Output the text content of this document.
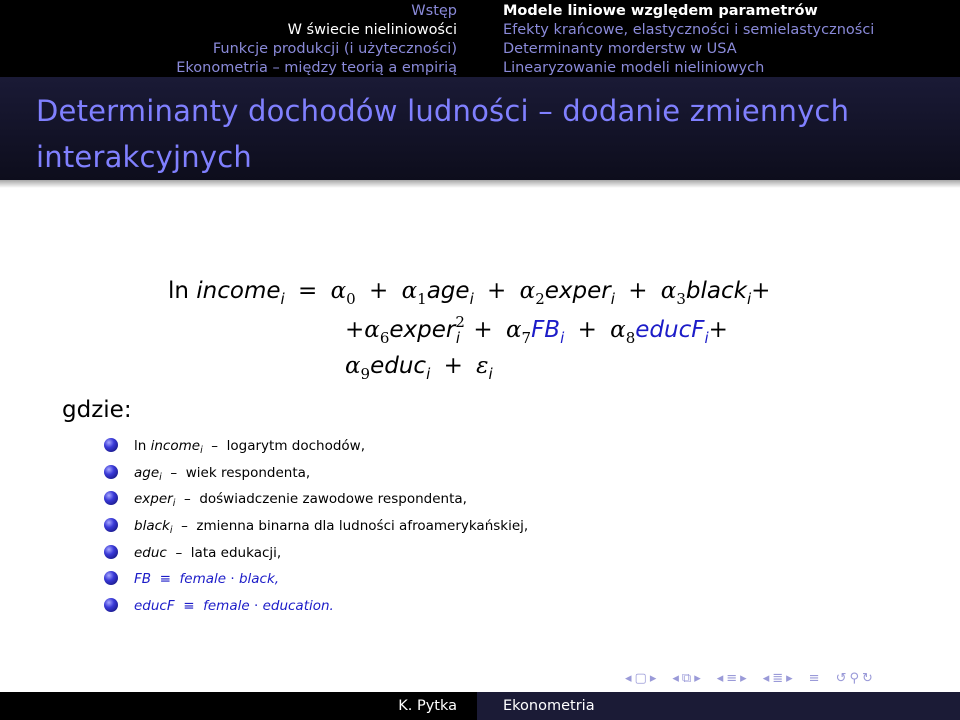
Wstęp
W świecie nieliniowości
Funkcje produkcji (i użyteczności)
Ekonometria – między teorią a empirią
Modele liniowe względem parametrów
Efekty krańcowe, elastyczności i semielastyczności
Determinanty morderstw w USA
Linearyzowanie modeli nieliniowych
Determinanty dochodów ludności – dodanie zmiennych
interakcyjnych
ln income$_i$ = $\alpha_0 + \alpha_1age_i$ + $\alpha_2exper_i$ + $\alpha_3black_i+$
$+\alpha_6exper^2_i + \alpha_7FB_i$ + $\alpha_8educF_i+$
$\alpha_9educ_i + \varepsilon_i$
gdzie:
ln income$_i$ – logarytm dochodów,
age$_i$ – wiek respondenta,
exper$_i$ – doświadczenie zawodowe respondenta,
black$_i$ – zmienna binarna dla ludności afroamerykańskiej,
educ – lata edukacji,
FB ≡ female · black,
educF ≡ female · education.
◂ ▢ ▸ ◂ ⧉ ▸ ◂ ≡ ▸ ◂ ≣ ▸ ≡ ↺ ⚲ ↻
K. Pytka	Ekonometria
